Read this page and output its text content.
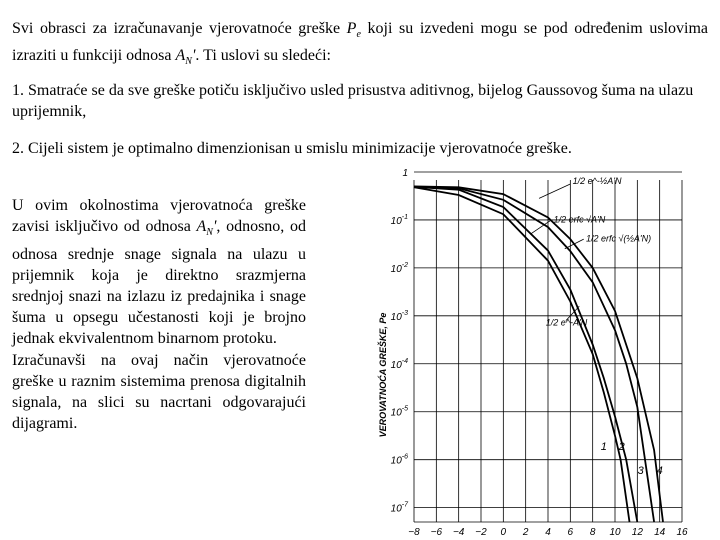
Svi obrasci za izračunavanje vjerovatnoće greške $P_e$ koji su izvedeni mogu se pod određenim uslovima izraziti u funkciji odnosa $A_N'$. Ti uslovi su sledeći:
1. Smatraće se da sve greške potiču isključivo usled prisustva aditivnog, bijelog Gaussovog šuma na ulazu uprijemnik,
2. Cijeli sistem je optimalno dimenzionisan u smislu minimizacije vjerovatnoće greške.
U ovim okolnostima vjerovatnoća greške zavisi isključivo od odnosa $A_N'$, odnosno, od odnosa srednje snage signala na ulazu u prijemnik koja je direktno srazmjerna srednjoj snazi na izlazu iz predajnika i snage šuma u opsegu učestanosti koji je brojno jednak ekvivalentnom binarnom protoku.
Izračunavši na ovaj način vjerovatnoće greške u raznim sistemima prenosa digitalnih signala, na slici su nacrtani odgovarajući dijagrami.
1
$10^{-1}$
$10^{-2}$
$10^{-3}$
$10^{-4}$
$10^{-5}$
$10^{-6}$
$10^{-7}$
−8 −6 −4 −2 0 2 4 6 8 10 12 14 16
VEROVATNOĆA GREŠKE, Pe
1 2
3 4
1/2 e^-½A'N
1/2 erfc √A'N
1/2 erfc √(½A'N)
1/2 e^-A'N
